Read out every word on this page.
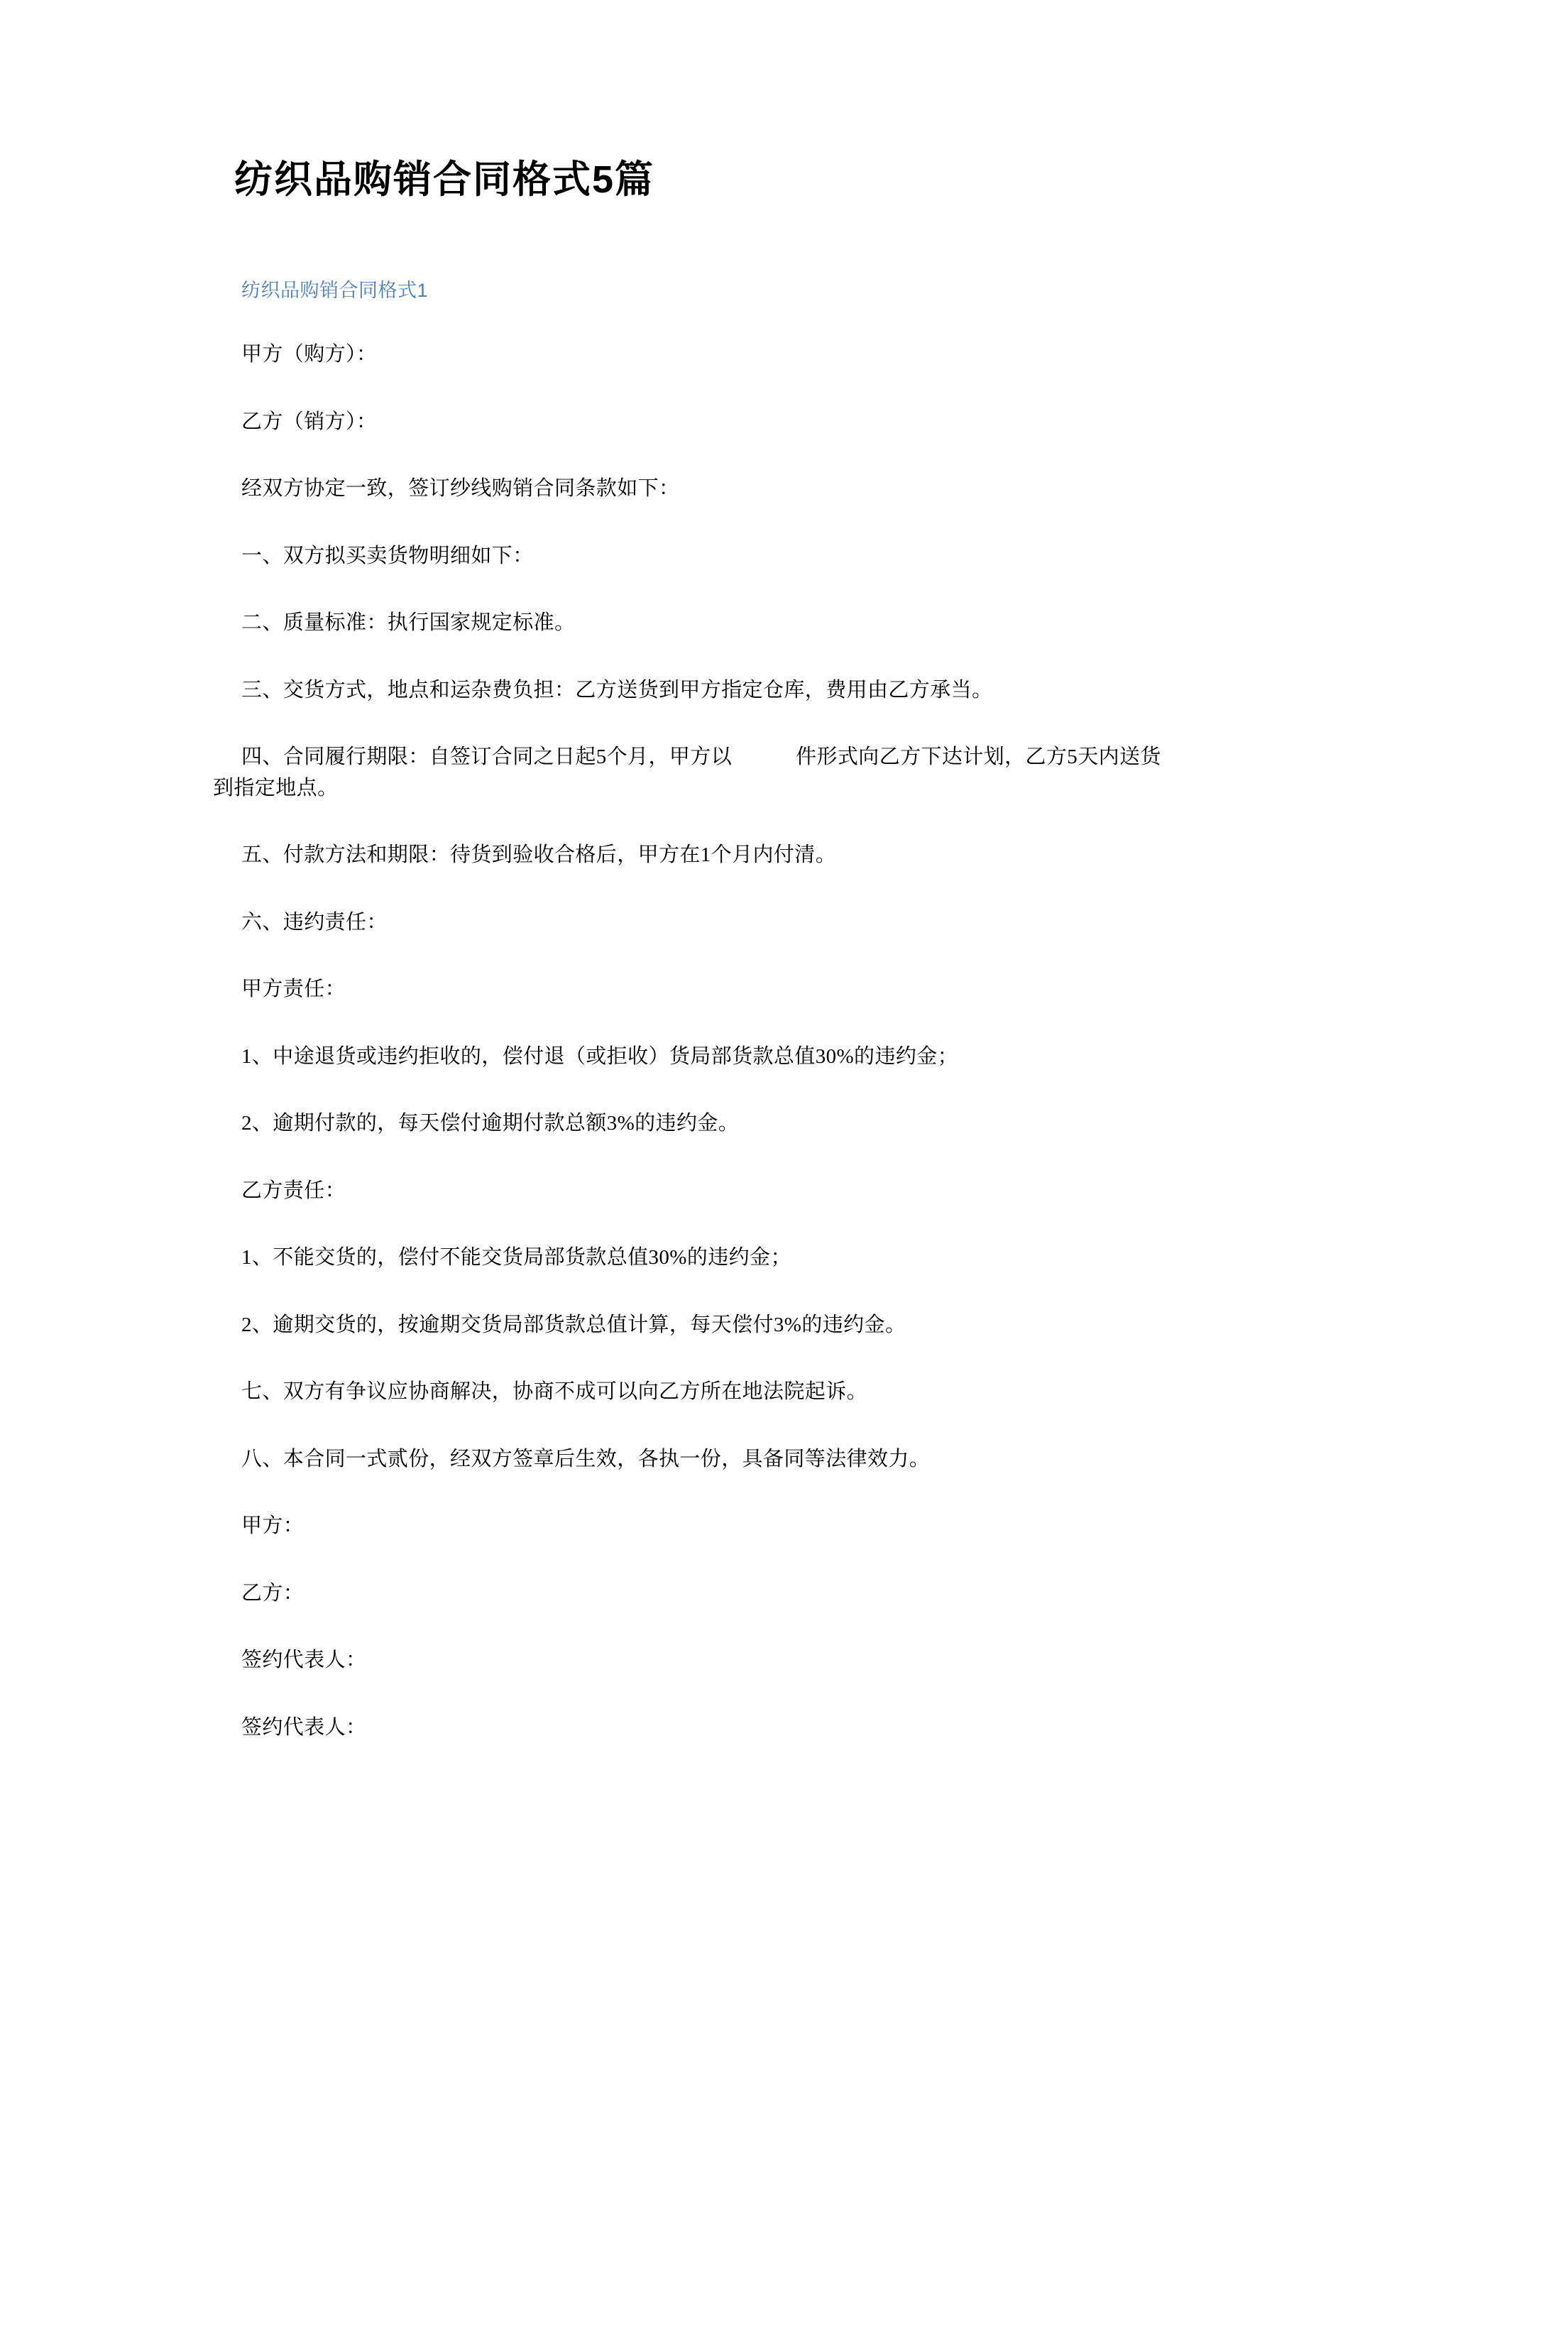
纺织品购销合同格式5篇
纺织品购销合同格式1

甲方（购方）：

乙方（销方）：

经双方协定一致，签订纱线购销合同条款如下：

一、双方拟买卖货物明细如下：

二、质量标准：执行国家规定标准。

三、交货方式，地点和运杂费负担：乙方送货到甲方指定仓库，费用由乙方承当。

四、合同履行期限：自签订合同之日起5个月，甲方以	件形式向乙方下达计划，乙方5天内送货
到指定地点。

五、付款方法和期限：待货到验收合格后，甲方在1个月内付清。

六、违约责任：

甲方责任：

1、中途退货或违约拒收的，偿付退（或拒收）货局部货款总值30%的违约金；

2、逾期付款的，每天偿付逾期付款总额3%的违约金。

乙方责任：

1、不能交货的，偿付不能交货局部货款总值30%的违约金；

2、逾期交货的，按逾期交货局部货款总值计算，每天偿付3%的违约金。

七、双方有争议应协商解决，协商不成可以向乙方所在地法院起诉。

八、本合同一式贰份，经双方签章后生效，各执一份，具备同等法律效力。

甲方：

乙方：

签约代表人：

签约代表人：
